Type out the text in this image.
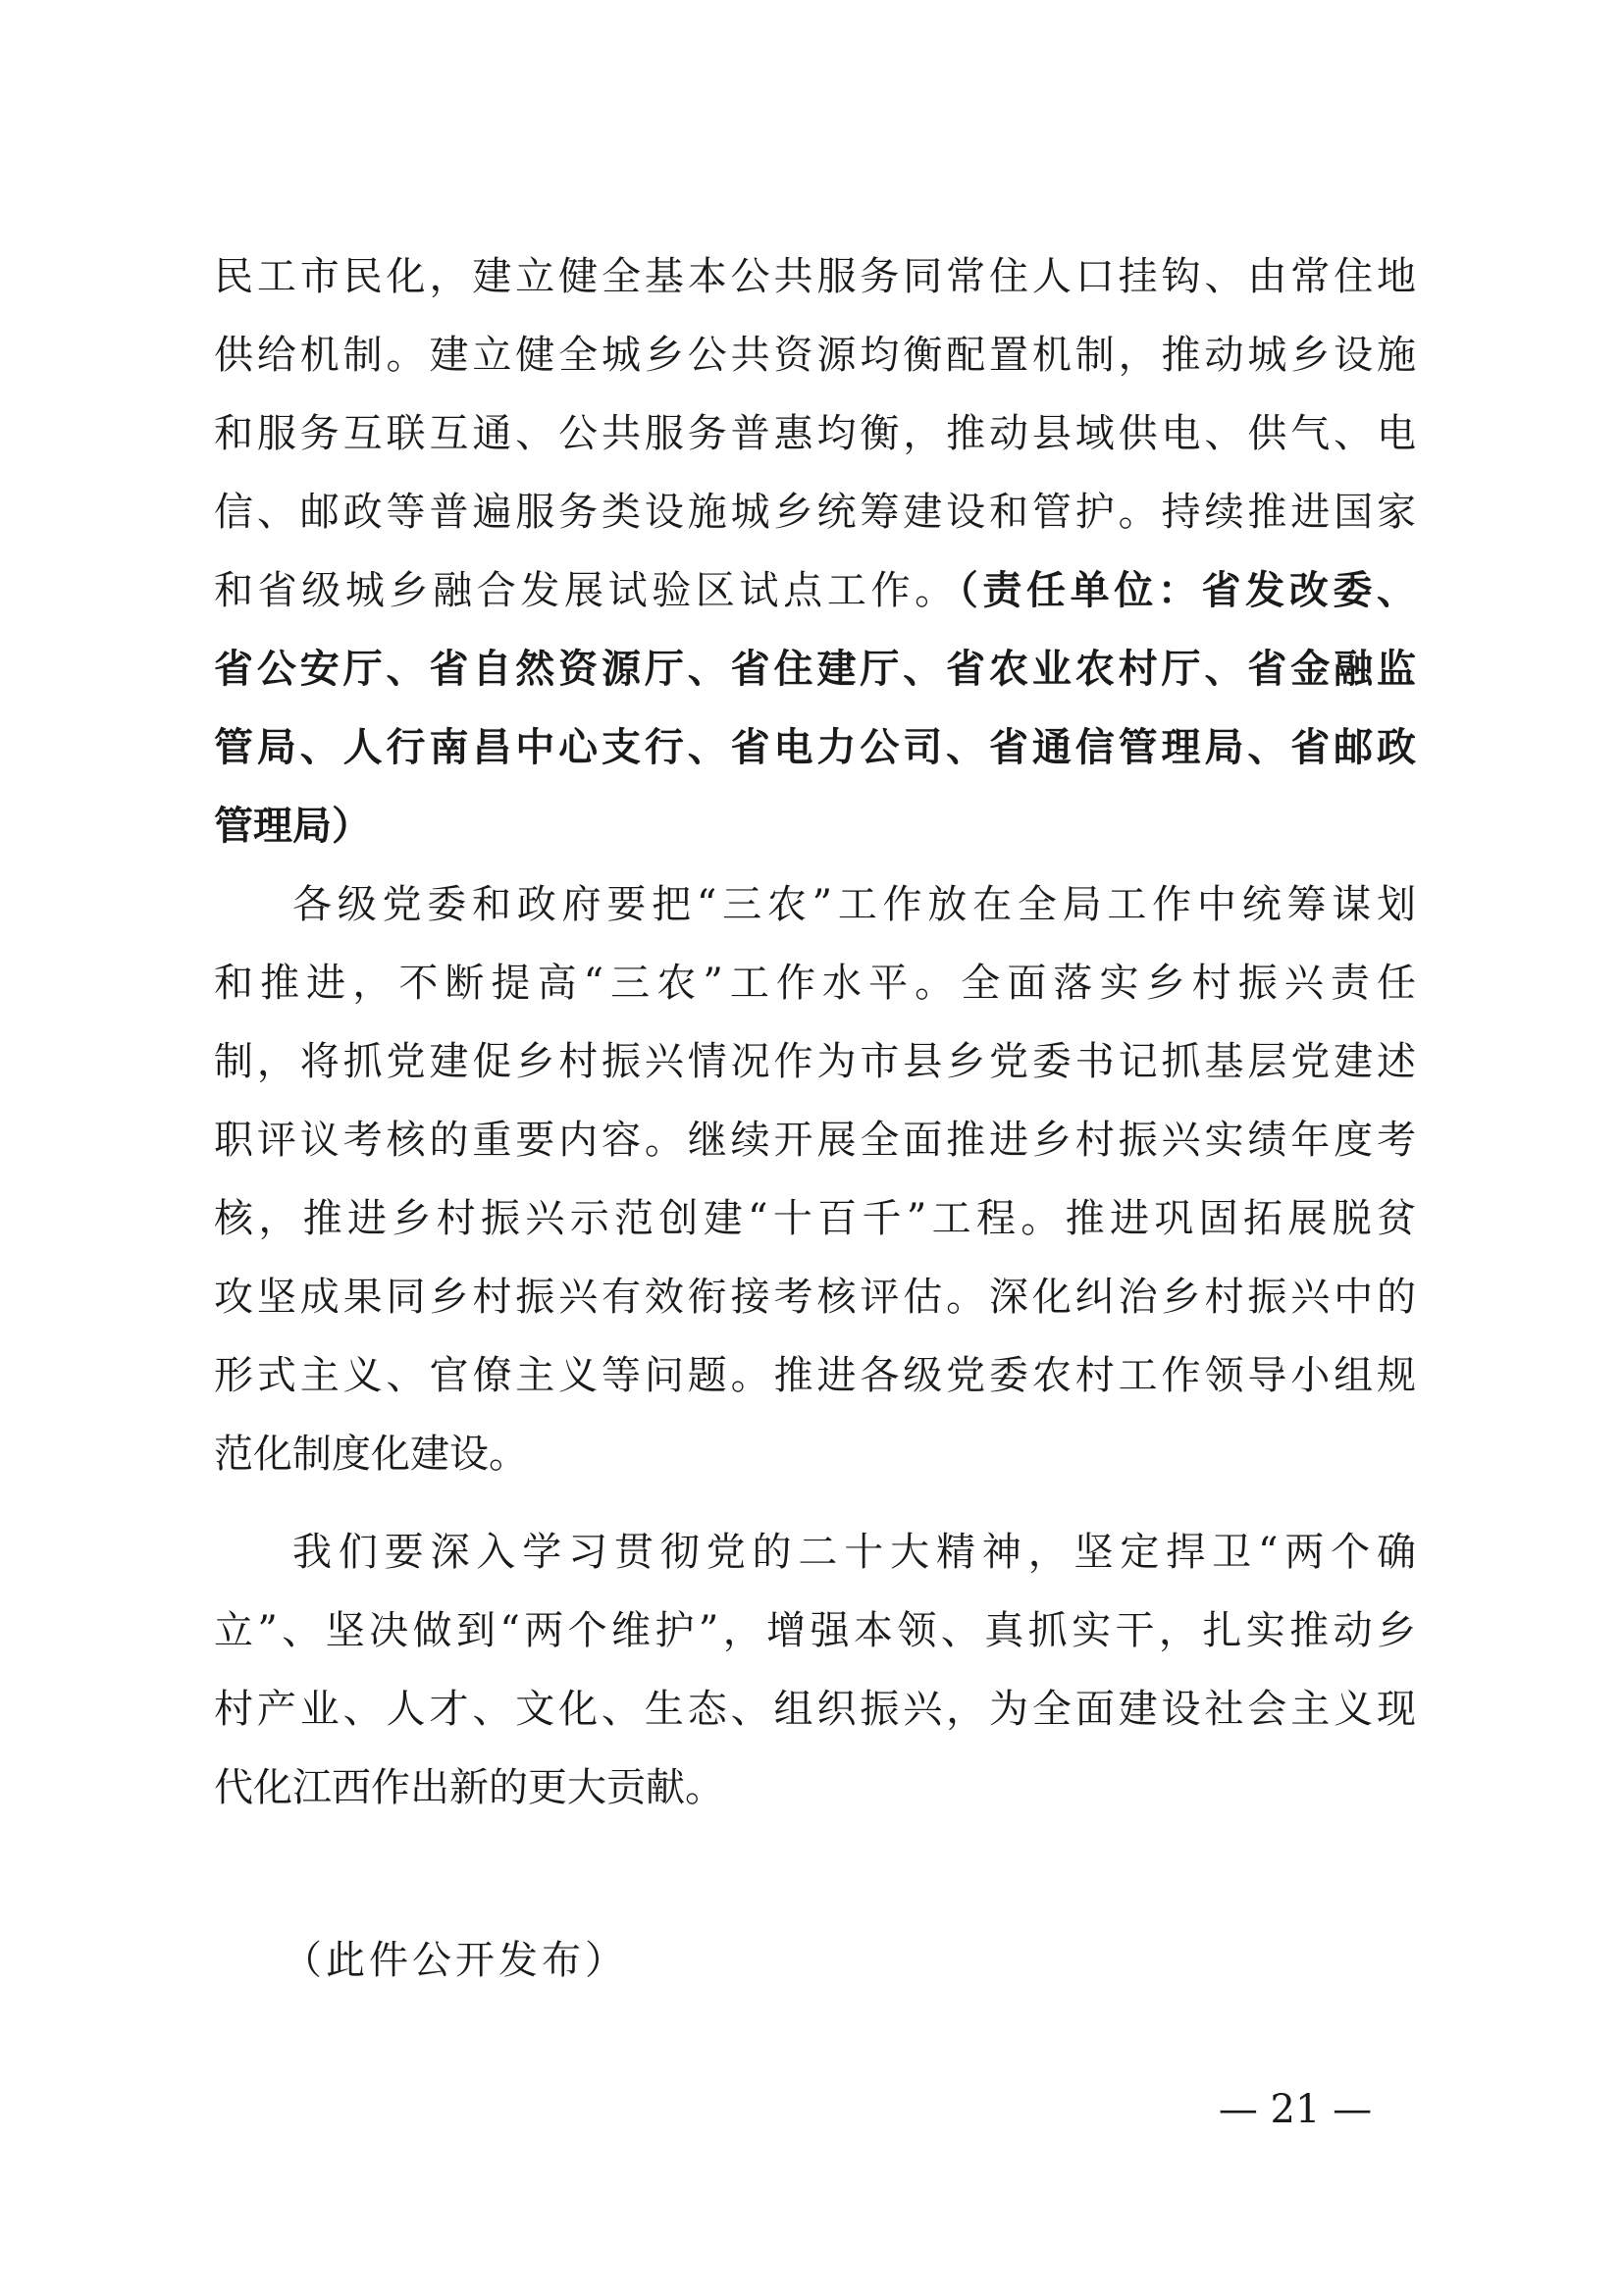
民工市民化，建立健全基本公共服务同常住人口挂钩、由常住地
供给机制。建立健全城乡公共资源均衡配置机制，推动城乡设施
和服务互联互通、公共服务普惠均衡，推动县域供电、供气、电
信、邮政等普遍服务类设施城乡统筹建设和管护。持续推进国家
和省级城乡融合发展试验区试点工作。（责任单位：省发改委、
省公安厅、省自然资源厅、省住建厅、省农业农村厅、省金融监
管局、人行南昌中心支行、省电力公司、省通信管理局、省邮政
管理局）
各级党委和政府要把“三农”工作放在全局工作中统筹谋划
和推进，不断提高“三农”工作水平。全面落实乡村振兴责任
制，将抓党建促乡村振兴情况作为市县乡党委书记抓基层党建述
职评议考核的重要内容。继续开展全面推进乡村振兴实绩年度考
核，推进乡村振兴示范创建“十百千”工程。推进巩固拓展脱贫
攻坚成果同乡村振兴有效衔接考核评估。深化纠治乡村振兴中的
形式主义、官僚主义等问题。推进各级党委农村工作领导小组规
范化制度化建设。
我们要深入学习贯彻党的二十大精神，坚定捍卫“两个确
立”、坚决做到“两个维护”，增强本领、真抓实干，扎实推动乡
村产业、人才、文化、生态、组织振兴，为全面建设社会主义现
代化江西作出新的更大贡献。
（此件公开发布）
— 21 —
